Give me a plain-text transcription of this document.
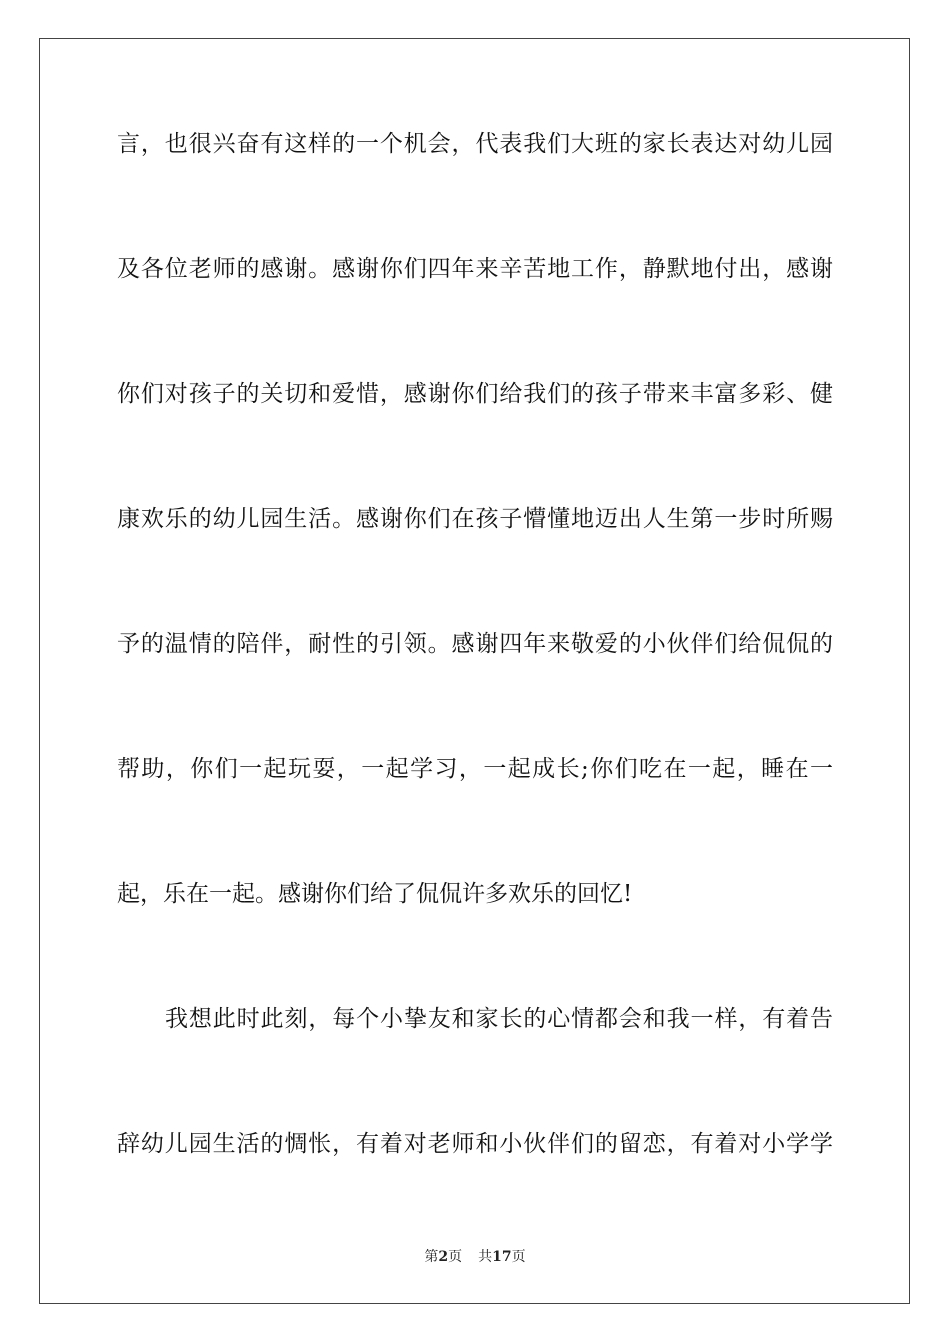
言，也很兴奋有这样的一个机会，代表我们大班的家长表达对幼儿园
及各位老师的感谢。感谢你们四年来辛苦地工作，静默地付出，感谢
你们对孩子的关切和爱惜，感谢你们给我们的孩子带来丰富多彩、健
康欢乐的幼儿园生活。感谢你们在孩子懵懂地迈出人生第一步时所赐
予的温情的陪伴，耐性的引领。感谢四年来敬爱的小伙伴们给侃侃的
帮助，你们一起玩耍，一起学习，一起成长;你们吃在一起，睡在一
起，乐在一起。感谢你们给了侃侃许多欢乐的回忆!
我想此时此刻，每个小挚友和家长的心情都会和我一样，有着告
辞幼儿园生活的惆怅，有着对老师和小伙伴们的留恋，有着对小学学
第2页 共17页
